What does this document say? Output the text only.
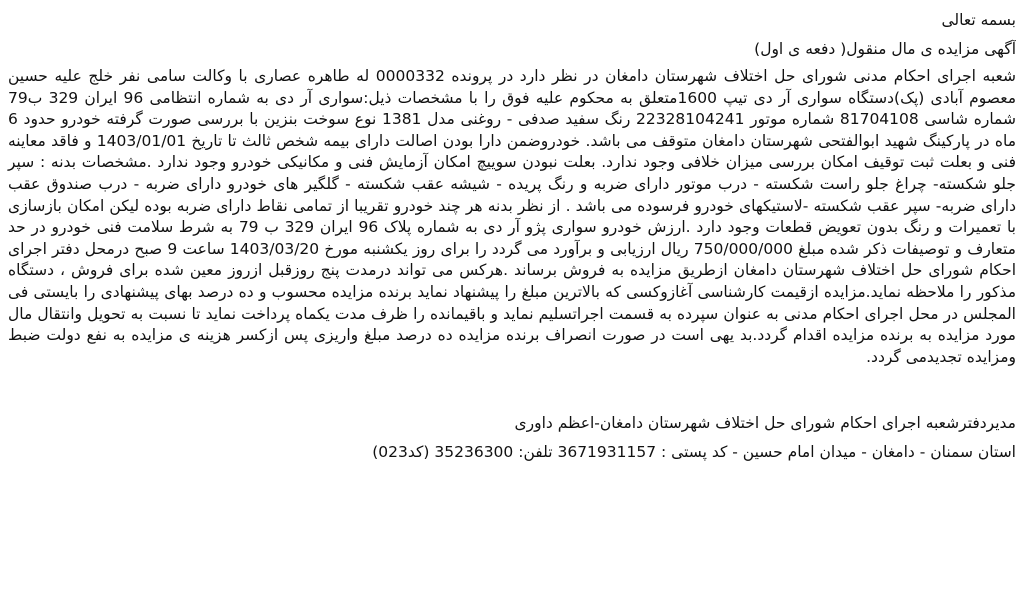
بسمه تعالی
آگهی مزایده ی مال منقول( دفعه ی اول)

شعبه اجرای احکام مدنی شورای حل اختلاف شهرستان دامغان در نظر دارد در پرونده 0000332 له طاهره عصاری با وکالت سامی نفر خلج علیه حسین معصوم آبادی (پک)دستگاه سواری آر دی تیپ 1600متعلق به محکوم علیه فوق را با مشخصات ذیل:سواری آر دی به شماره انتظامی 96 ایران 329 ب79 شماره شاسی 81704108 شماره موتور 22328104241 رنگ سفید صدفی - روغنی مدل 1381 نوع سوخت بنزین با بررسی صورت گرفته خودرو حدود 6 ماه در پارکینگ شهید ابوالفتحی شهرستان دامغان متوقف می باشد. خودروضمن دارا بودن اصالت دارای بیمه شخص ثالث تا تاریخ 1403/01/01 و فاقد معاینه فنی و بعلت ثبت توقیف امکان بررسی میزان خلافی وجود ندارد. بعلت نبودن سوییچ امکان آزمایش فنی و مکانیکی خودرو وجود ندارد .مشخصات بدنه : سپر جلو شکسته- چراغ جلو راست شکسته - درب موتور دارای ضربه و رنگ پریده - شیشه عقب شکسته - گلگیر های خودرو دارای ضربه - درب صندوق عقب دارای ضربه- سپر عقب شکسته -لاستیکهای خودرو فرسوده می باشد . از نظر بدنه هر چند خودرو تقریبا از تمامی نقاط دارای ضربه بوده لیکن امکان بازسازی با تعمیرات و رنگ بدون تعویض قطعات وجود دارد .ارزش خودرو سواری پژو آر دی به شماره پلاک 96 ایران 329 ب 79 به شرط سلامت فنی خودرو در حد متعارف و توصیفات ذکر شده مبلغ 750/000/000 ریال ارزیابی و برآورد می گردد را برای روز یکشنبه مورخ 1403/03/20 ساعت 9 صبح درمحل دفتر اجرای احکام شورای حل اختلاف شهرستان دامغان ازطریق مزایده به فروش برساند .هرکس می تواند درمدت پنج روزقبل ازروز معین شده برای فروش ، دستگاه مذکور را ملاحظه نماید.مزایده ازقیمت کارشناسی آغازوکسی که بالاترین مبلغ را پیشنهاد نماید برنده مزایده محسوب و ده درصد بهای پیشنهادی را بایستی فی المجلس در محل اجرای احکام مدنی به عنوان سپرده به قسمت اجراتسلیم نماید و باقیمانده را ظرف مدت یکماه پرداخت نماید تا نسبت به تحویل وانتقال مال مورد مزایده به برنده مزایده اقدام گردد.بد یهی است در صورت انصراف برنده مزایده ده درصد مبلغ واریزی پس ازکسر هزینه ی مزایده به نفع دولت ضبط ومزایده تجدیدمی گردد.

مدیردفترشعبه اجرای احکام شورای حل اختلاف شهرستان دامغان-اعظم داوری
استان سمنان - دامغان - میدان امام حسین - کد پستی : 3671931157 تلفن: 35236300 (کد023)
